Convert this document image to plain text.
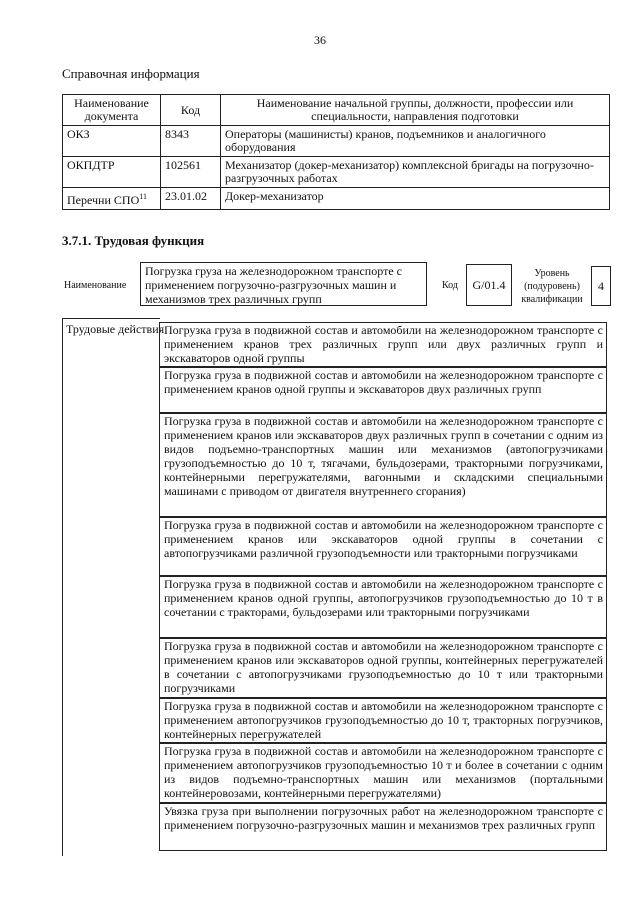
36
Справочная информация
Наименование документа	Код	Наименование начальной группы, должности, профессии или специальности, направления подготовки
ОКЗ	8343	Операторы (машинисты) кранов, подъемников и аналогичного оборудования
ОКПДТР	102561	Механизатор (докер-механизатор) комплексной бригады на погрузочно-разгрузочных работах
Перечни СПО$^{11}$	23.01.02	Докер-механизатор
3.7.1. Трудовая функция
Наименование
Погрузка груза на железнодорожном транспорте с применением погрузочно-разгрузочных машин и механизмов трех различных групп
Код	G/01.4
Уровень (подуровень) квалификации
4
Трудовые действия Погрузка груза в подвижной состав и автомобили на железнодорожном транспорте с применением кранов трех различных групп или двух различных групп и экскаваторов одной группы
Погрузка груза в подвижной состав и автомобили на железнодорожном транспорте с применением кранов одной группы и экскаваторов двух различных групп
Погрузка груза в подвижной состав и автомобили на железнодорожном транспорте с применением кранов или экскаваторов двух различных групп в сочетании с одним из видов подъемно-транспортных машин или механизмов (автопогрузчиками грузоподъемностью до 10 т, тягачами, бульдозерами, тракторными погрузчиками, контейнерными перегружателями, вагонными и складскими специальными машинами с приводом от двигателя внутреннего сгорания)
Погрузка груза в подвижной состав и автомобили на железнодорожном транспорте с применением кранов или экскаваторов одной группы в сочетании с автопогрузчиками различной грузоподъемности или тракторными погрузчиками
Погрузка груза в подвижной состав и автомобили на железнодорожном транспорте с применением кранов одной группы, автопогрузчиков грузоподъемностью до 10 т в сочетании с тракторами, бульдозерами или тракторными погрузчиками
Погрузка груза в подвижной состав и автомобили на железнодорожном транспорте с применением кранов или экскаваторов одной группы, контейнерных перегружателей в сочетании с автопогрузчиками грузоподъемностью до 10 т или тракторными погрузчиками
Погрузка груза в подвижной состав и автомобили на железнодорожном транспорте с применением автопогрузчиков грузоподъемностью до 10 т, тракторных погрузчиков, контейнерных перегружателей
Погрузка груза в подвижной состав и автомобили на железнодорожном транспорте с применением автопогрузчиков грузоподъемностью 10 т и более в сочетании с одним из видов подъемно-транспортных машин или механизмов (портальными контейнеровозами, контейнерными перегружателями)
Увязка груза при выполнении погрузочных работ на железнодорожном транспорте с применением погрузочно-разгрузочных машин и механизмов трех различных групп
